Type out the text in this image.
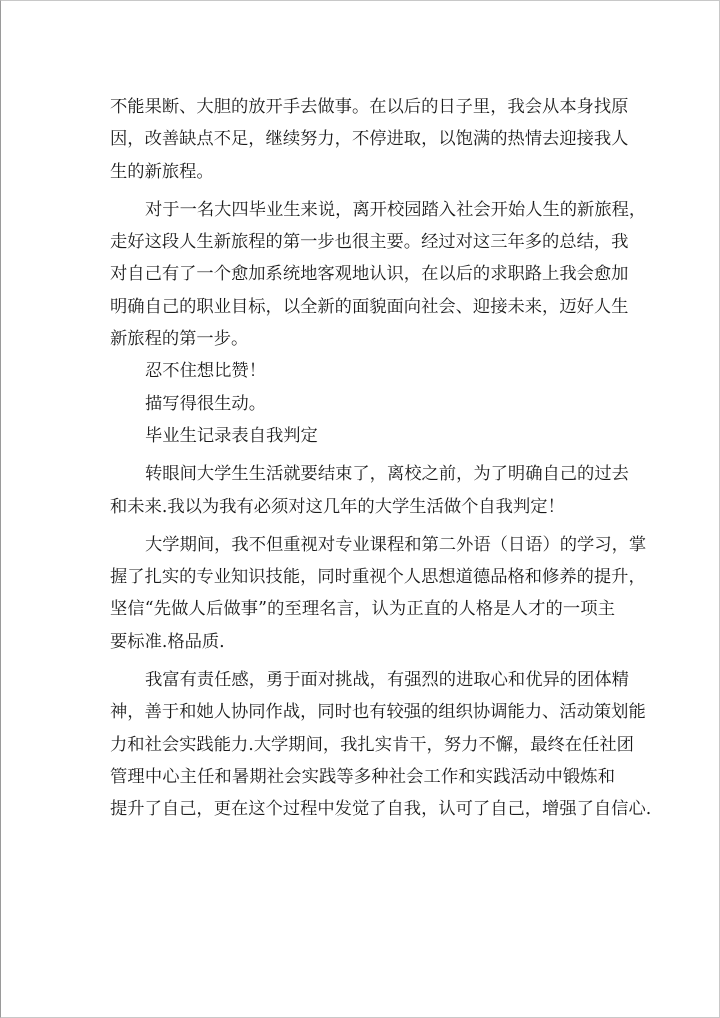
不能果断、大胆的放开手去做事。在以后的日子里，我会从本身找原
因，改善缺点不足，继续努力，不停进取，以饱满的热情去迎接我人
生的新旅程。
对于一名大四毕业生来说，离开校园踏入社会开始人生的新旅程，
走好这段人生新旅程的第一步也很主要。经过对这三年多的总结，我
对自己有了一个愈加系统地客观地认识，在以后的求职路上我会愈加
明确自己的职业目标，以全新的面貌面向社会、迎接未来，迈好人生
新旅程的第一步。
忍不住想比赞！
描写得很生动。
毕业生记录表自我判定
转眼间大学生生活就要结束了，离校之前，为了明确自己的过去
和未来.我以为我有必须对这几年的大学生活做个自我判定！
大学期间，我不但重视对专业课程和第二外语（日语）的学习，掌
握了扎实的专业知识技能，同时重视个人思想道德品格和修养的提升，
坚信“先做人后做事”的至理名言，认为正直的人格是人才的一项主
要标准.格品质.
我富有责任感，勇于面对挑战，有强烈的进取心和优异的团体精
神，善于和她人协同作战，同时也有较强的组织协调能力、活动策划能
力和社会实践能力.大学期间，我扎实肯干，努力不懈，最终在任社团
管理中心主任和暑期社会实践等多种社会工作和实践活动中锻炼和
提升了自己，更在这个过程中发觉了自我，认可了自己，增强了自信心.
